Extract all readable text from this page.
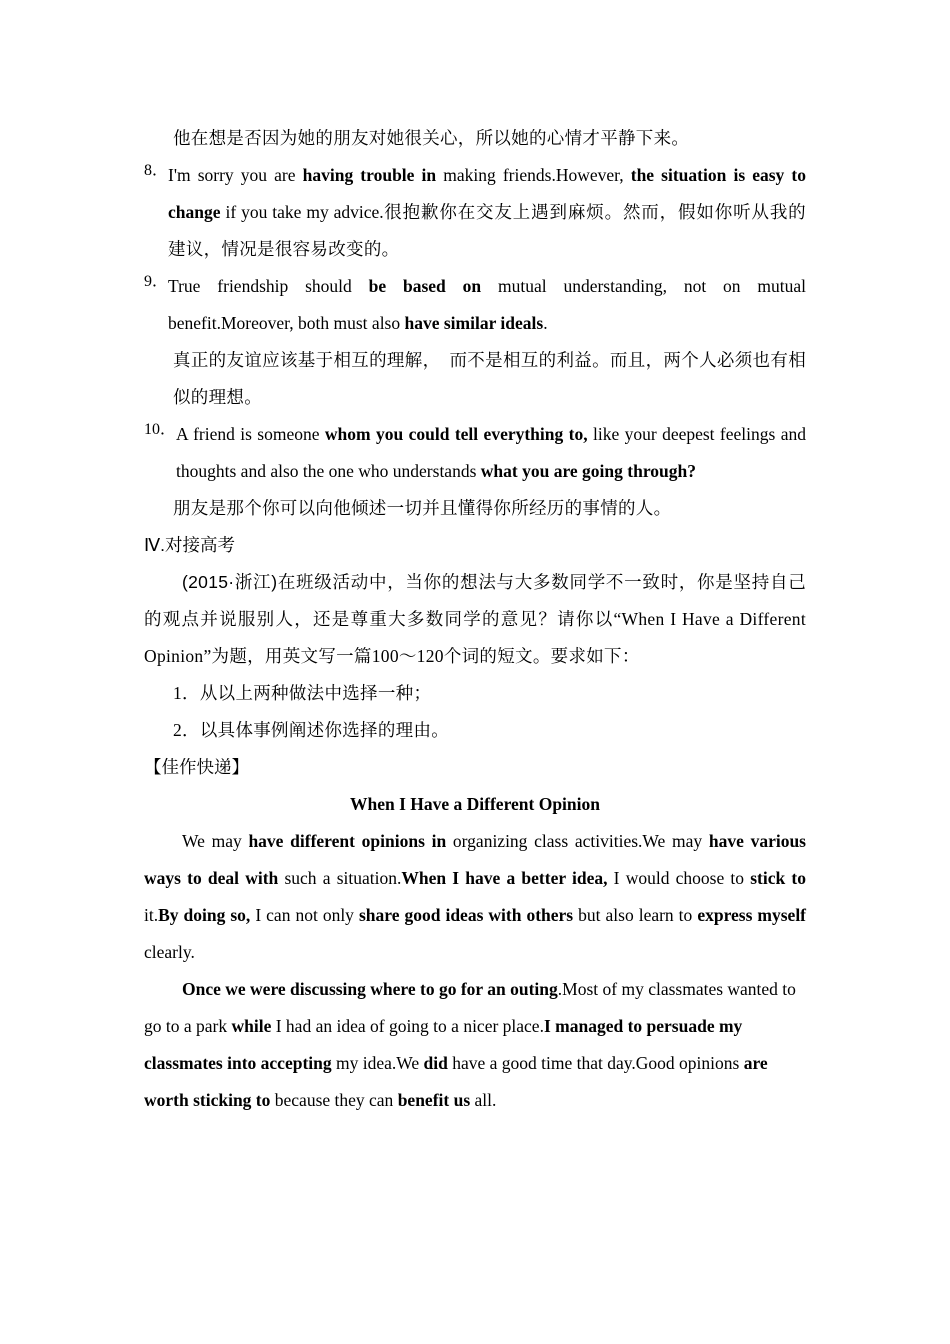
他在想是否因为她的朋友对她很关心，所以她的心情才平静下来。

8． I'm sorry you are having trouble in making friends.However, the situation is easy to change if you take my advice.很抱歉你在交友上遇到麻烦。然而，假如你听从我的建议，情况是很容易改变的。

9． True friendship should be based on mutual understanding, not on mutual benefit.Moreover, both must also have similar ideals.

真正的友谊应该基于相互的理解，　而不是相互的利益。而且，两个人必须也有相似的理想。

10． A friend is someone whom you could tell everything to, like your deepest feelings and thoughts and also the one who understands what you are going through?

朋友是那个你可以向他倾述一切并且懂得你所经历的事情的人。

Ⅳ.对接高考

(2015·浙江)在班级活动中，当你的想法与大多数同学不一致时，你是坚持自己的观点并说服别人，还是尊重大多数同学的意见？请你以“When I Have a Different Opinion”为题，用英文写一篇100～120个词的短文。要求如下：

1．从以上两种做法中选择一种；

2．以具体事例阐述你选择的理由。

【佳作快递】

When I Have a Different Opinion

We may have different opinions in organizing class activities.We may have various ways to deal with such a situation.When I have a better idea, I would choose to stick to it.By doing so, I can not only share good ideas with others but also learn to express myself clearly.

Once we were discussing where to go for an outing.Most of my classmates wanted to go to a park while I had an idea of going to a nicer place.I managed to persuade my classmates into accepting my idea.We did have a good time that day.Good opinions are worth sticking to because they can benefit us all.
